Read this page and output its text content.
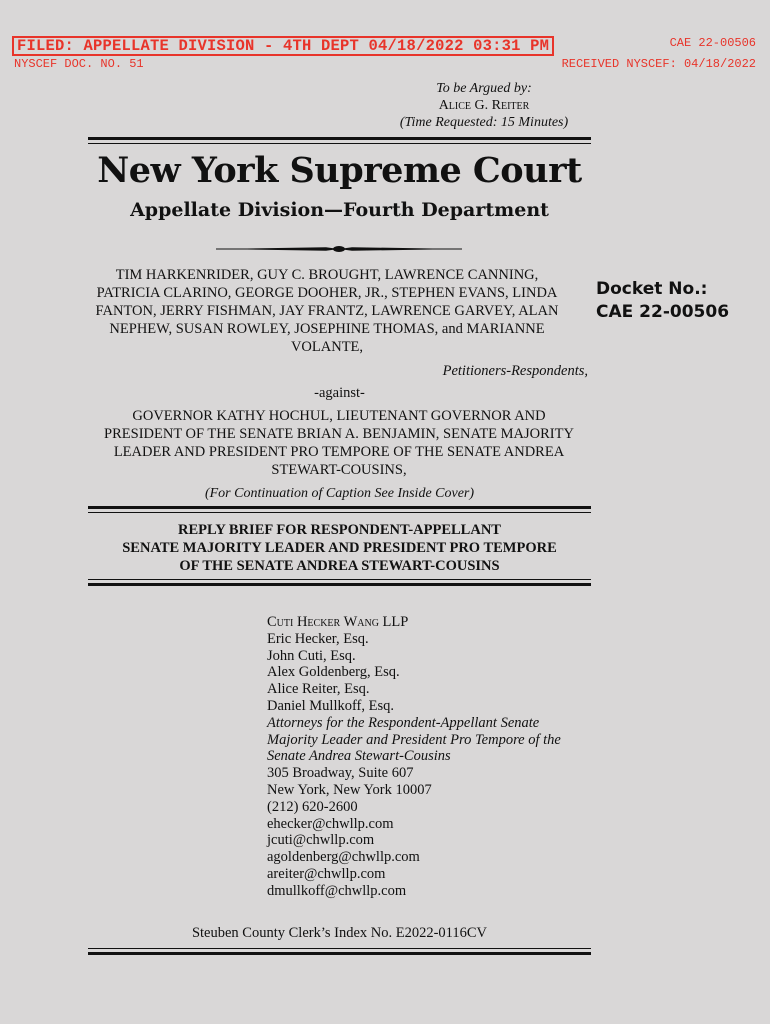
FILED: APPELLATE DIVISION - 4TH DEPT 04/18/2022 03:31 PM	CAE 22-00506
NYSCEF DOC. NO. 51	RECEIVED NYSCEF: 04/18/2022
To be Argued by:
Alice G. Reiter
(Time Requested: 15 Minutes)
New York Supreme Court
Appellate Division—Fourth Department
Docket No.:
CAE 22-00506
TIM HARKENRIDER, GUY C. BROUGHT, LAWRENCE CANNING, PATRICIA CLARINO, GEORGE DOOHER, JR., STEPHEN EVANS, LINDA FANTON, JERRY FISHMAN, JAY FRANTZ, LAWRENCE GARVEY, ALAN NEPHEW, SUSAN ROWLEY, JOSEPHINE THOMAS, and MARIANNE VOLANTE,
Petitioners-Respondents,
-against-
GOVERNOR KATHY HOCHUL, LIEUTENANT GOVERNOR AND PRESIDENT OF THE SENATE BRIAN A. BENJAMIN, SENATE MAJORITY LEADER AND PRESIDENT PRO TEMPORE OF THE SENATE ANDREA STEWART-COUSINS,
(For Continuation of Caption See Inside Cover)
REPLY BRIEF FOR RESPONDENT-APPELLANT
SENATE MAJORITY LEADER AND PRESIDENT PRO TEMPORE
OF THE SENATE ANDREA STEWART-COUSINS
Cuti Hecker Wang LLP
Eric Hecker, Esq.
John Cuti, Esq.
Alex Goldenberg, Esq.
Alice Reiter, Esq.
Daniel Mullkoff, Esq.
Attorneys for the Respondent-Appellant Senate
Majority Leader and President Pro Tempore of the
Senate Andrea Stewart-Cousins
305 Broadway, Suite 607
New York, New York 10007
(212) 620-2600
ehecker@chwllp.com
jcuti@chwllp.com
agoldenberg@chwllp.com
areiter@chwllp.com
dmullkoff@chwllp.com
Steuben County Clerk’s Index No. E2022-0116CV
